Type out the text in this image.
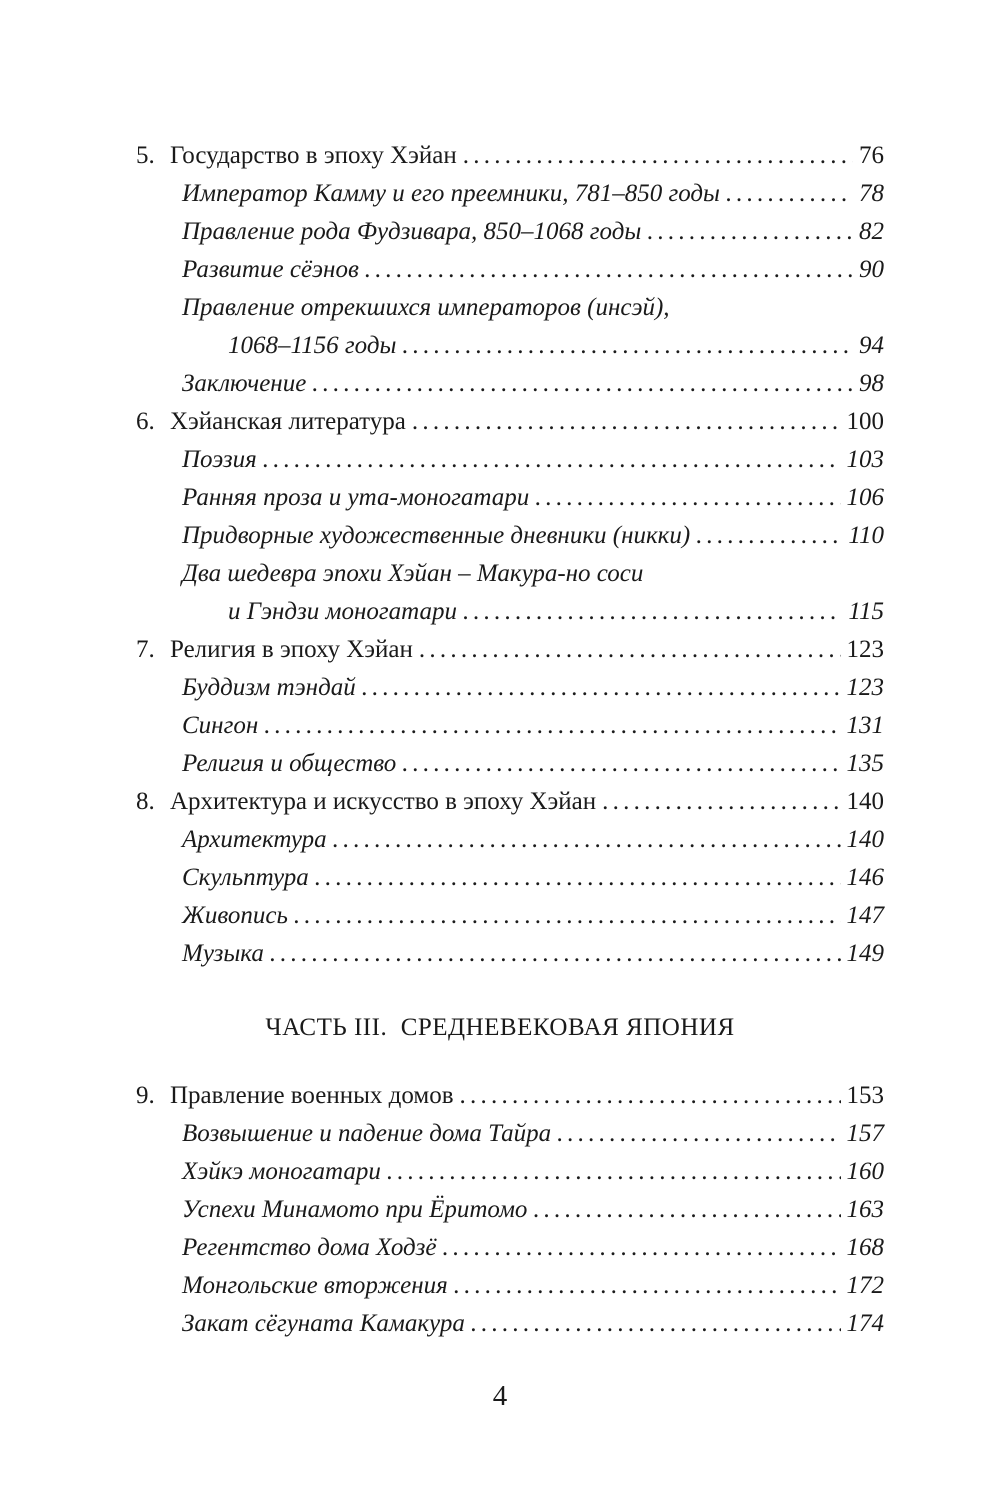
5. Государство в эпоху Хэйан . . .	76
Император Камму и его преемники, 781–850 годы . . .	78
Правление рода Фудзивара, 850–1068 годы . . .	82
Развитие сёэнов . . .	90
Правление отрекшихся императоров (инсэй),
1068–1156 годы . . .	94
Заключение . . .	98
6. Хэйанская литература . . .	100
Поэзия . . .	103
Ранняя проза и ута-моногатари . . .	106
Придворные художественные дневники (никки) . . .	110
Два шедевра эпохи Хэйан – Макура-но соси
и Гэндзи моногатари . . .	115
7. Религия в эпоху Хэйан . . .	123
Буддизм тэндай . . .	123
Сингон . . .	131
Религия и общество . . .	135
8. Архитектура и искусство в эпоху Хэйан . . .	140
Архитектура . . .	140
Скульптура . . .	146
Живопись . . .	147
Музыка . . .	149
ЧАСТЬ III.  СРЕДНЕВЕКОВАЯ ЯПОНИЯ
9. Правление военных домов . . .	153
Возвышение и падение дома Тайра . . .	157
Хэйкэ моногатари . . .	160
Успехи Минамото при Ёритомо . . .	163
Регентство дома Ходзё . . .	168
Монгольские вторжения . . .	172
Закат сёгуната Камакура . . .	174
4
